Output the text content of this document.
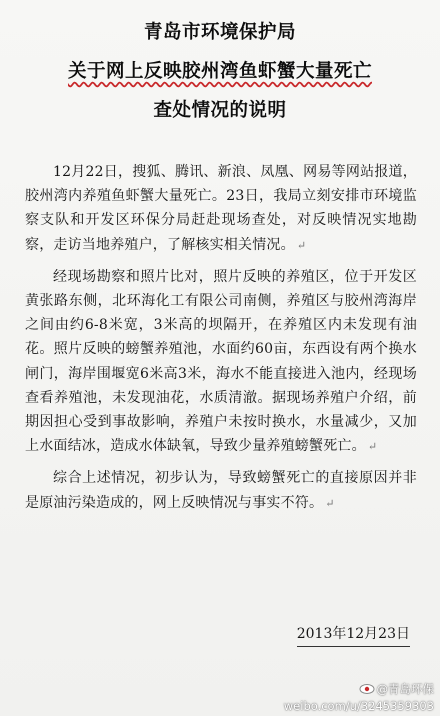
青岛市环境保护局
关于网上反映胶州湾鱼虾蟹大量死亡
查处情况的说明

12月22日，搜狐、腾讯、新浪、凤凰、网易等网站报道，胶州湾内养殖鱼虾蟹大量死亡。23日，我局立刻安排市环境监察支队和开发区环保分局赶赴现场查处，对反映情况实地勘察，走访当地养殖户，了解核实相关情况。 ↵

经现场勘察和照片比对，照片反映的养殖区，位于开发区黄张路东侧，北环海化工有限公司南侧，养殖区与胶州湾海岸之间由约6-8米宽，3米高的坝隔开，在养殖区内未发现有油花。照片反映的螃蟹养殖池，水面约60亩，东西设有两个换水闸门，海岸围堰宽6米高3米，海水不能直接进入池内，经现场查看养殖池，未发现油花，水质清澈。据现场养殖户介绍，前期因担心受到事故影响，养殖户未按时换水，水量减少，又加上水面结冰，造成水体缺氧，导致少量养殖螃蟹死亡。 ↵

综合上述情况，初步认为，导致螃蟹死亡的直接原因并非是原油污染造成的，网上反映情况与事实不符。 ↵

2013年12月23日
@青岛环保
weibo.com/u/3245359303
